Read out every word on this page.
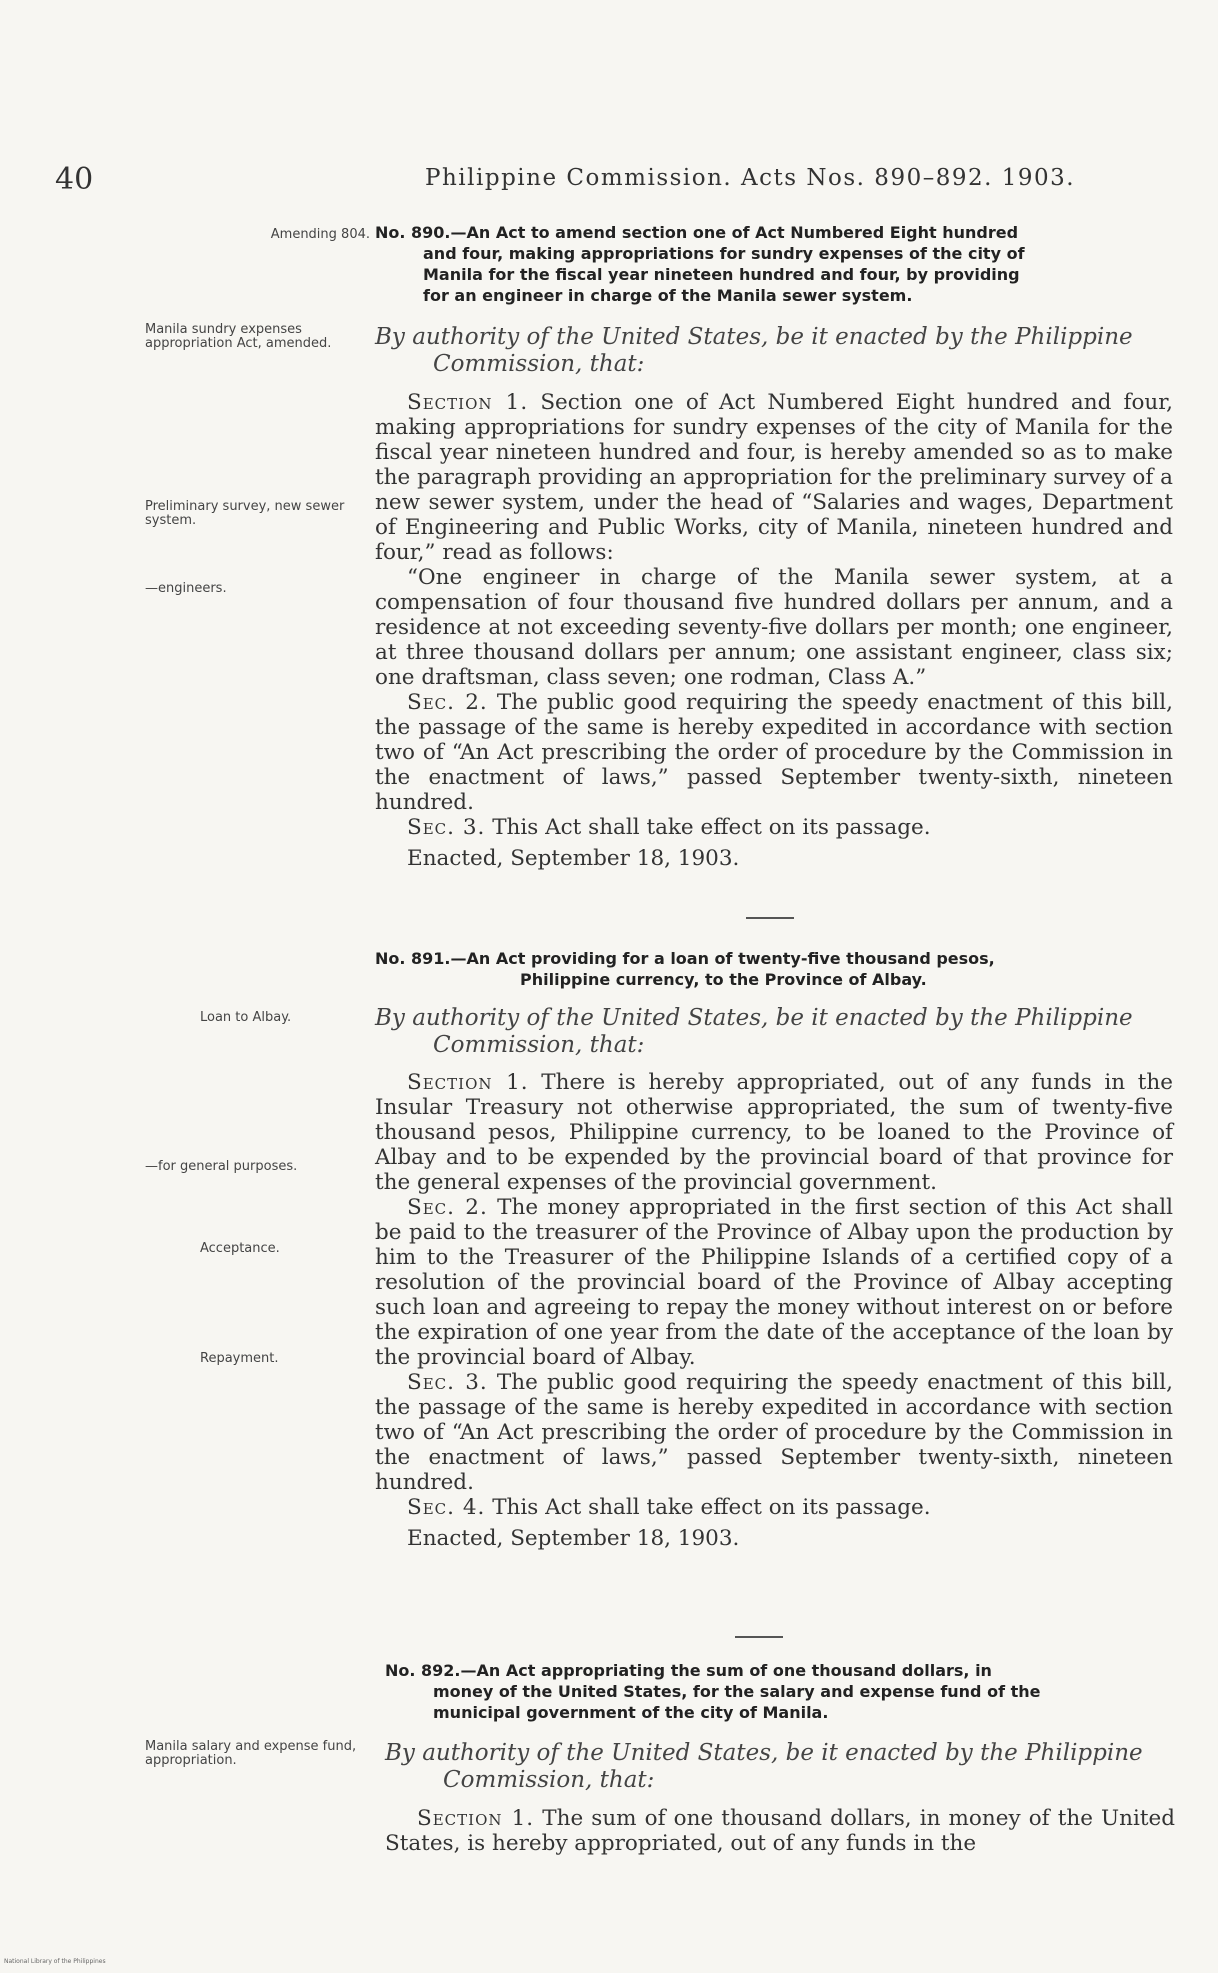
40	Philippine Commission. Acts Nos. 890–892. 1903.
Amending 804. No. 890.—An Act to amend section one of Act Numbered Eight hundred
and four, making appropriations for sundry expenses of the city of
Manila for the fiscal year nineteen hundred and four, by providing
for an engineer in charge of the Manila sewer system.
Manila sundry expenses appropriation Act, amended.	By authority of the United States, be it enacted by the Philippine
Commission, that:
Preliminary survey, new sewer system.
—engineers.

Section 1. Section one of Act Numbered Eight hundred and four, making appropriations for sundry expenses of the city of Manila for the fiscal year nineteen hundred and four, is hereby amended so as to make the paragraph providing an appropriation for the preliminary survey of a new sewer system, under the head of “Salaries and wages, Department of Engineering and Public Works, city of Manila, nineteen hundred and four,” read as follows:

“One engineer in charge of the Manila sewer system, at a compensation of four thousand five hundred dollars per annum, and a residence at not exceeding seventy-five dollars per month; one engineer, at three thousand dollars per annum; one assistant engineer, class six; one draftsman, class seven; one rodman, Class A.”

Sec. 2. The public good requiring the speedy enactment of this bill, the passage of the same is hereby expedited in accordance with section two of “An Act prescribing the order of procedure by the Commission in the enactment of laws,” passed September twenty-sixth, nineteen hundred.

Sec. 3. This Act shall take effect on its passage.

Enacted, September 18, 1903.

No. 891.—An Act providing for a loan of twenty-five thousand pesos,
Philippine currency, to the Province of Albay.
Loan to Albay.	By authority of the United States, be it enacted by the Philippine
Commission, that:
—for general purposes.
Acceptance.
Repayment.

Section 1. There is hereby appropriated, out of any funds in the Insular Treasury not otherwise appropriated, the sum of twenty-five thousand pesos, Philippine currency, to be loaned to the Province of Albay and to be expended by the provincial board of that province for the general expenses of the provincial government.

Sec. 2. The money appropriated in the first section of this Act shall be paid to the treasurer of the Province of Albay upon the production by him to the Treasurer of the Philippine Islands of a certified copy of a resolution of the provincial board of the Province of Albay accepting such loan and agreeing to repay the money without interest on or before the expiration of one year from the date of the acceptance of the loan by the provincial board of Albay.

Sec. 3. The public good requiring the speedy enactment of this bill, the passage of the same is hereby expedited in accordance with section two of “An Act prescribing the order of procedure by the Commission in the enactment of laws,” passed September twenty-sixth, nineteen hundred.

Sec. 4. This Act shall take effect on its passage.

Enacted, September 18, 1903.

No. 892.—An Act appropriating the sum of one thousand dollars, in
money of the United States, for the salary and expense fund of the
municipal government of the city of Manila.
Manila salary and expense fund, appropriation.	By authority of the United States, be it enacted by the Philippine
Commission, that:

Section 1. The sum of one thousand dollars, in money of the United States, is hereby appropriated, out of any funds in the

National Library of the Philippines
